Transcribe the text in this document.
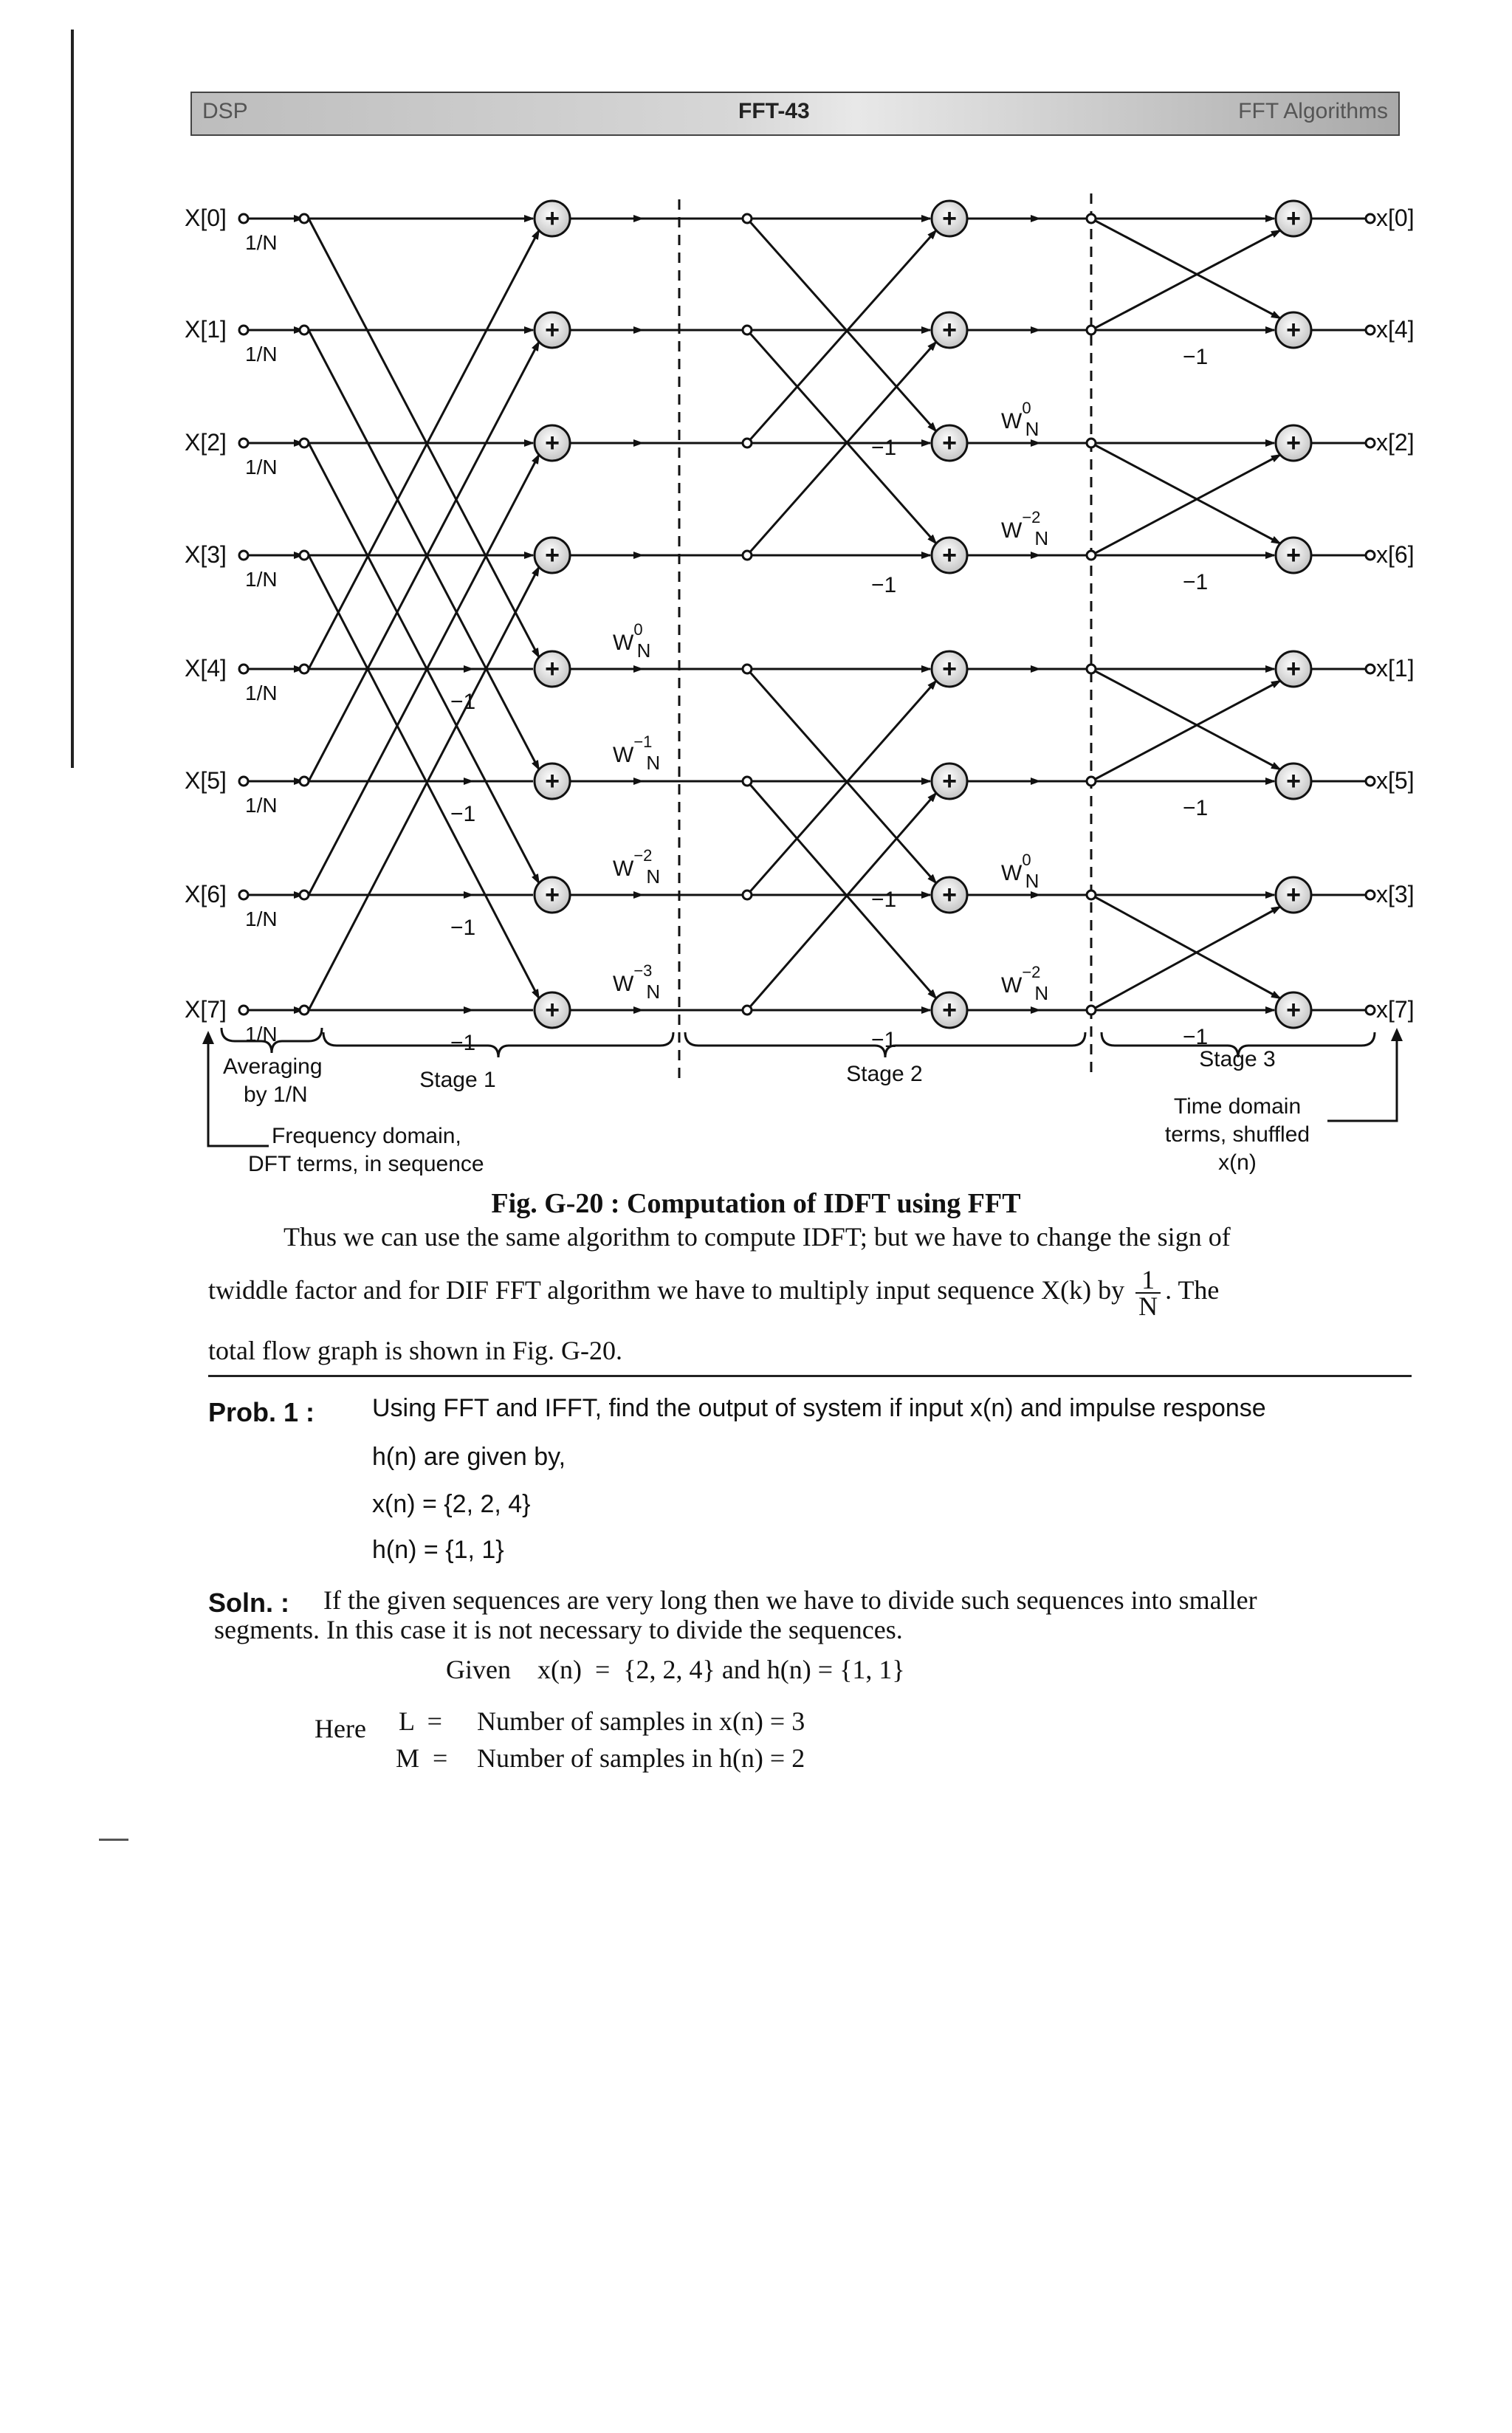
DSP	FFT-43	FFT Algorithms
+
+
+
+
+
+
+
+
+
+
+
+
+
+
+
+
+
+
+
+
+
+
+
+
X[0]
1/N
X[1]
1/N
X[2]
1/N
X[3]
1/N
X[4]
1/N
X[5]
1/N
X[6]
1/N
X[7]
1/N
−1
−1
−1
−1
$W^0$ N
$W^{-1}$ N
$W^{-2}$ N
$W^{-3}$ N
−1
−1
−1
−1
$W^0$ N
$W^{-2}$ N
$W^0$ N
$W^{-2}$ N
−1
−1
−1
−1
x[0]
x[4]
x[2]
x[6]
x[1]
x[5]
x[3]
x[7]
Stage 1	Stage 2
Stage 3
Averaging
by 1/N
Frequency domain,
DFT terms, in sequence
Time domain
terms, shuffled
x(n)
Fig. G-20 : Computation of IDFT using FFT
Thus we can use the same algorithm to compute IDFT; but we have to change the sign of
twiddle factor and for DIF FFT algorithm we have to multiply input sequence X(k) by $\frac{1}{N}$ . The
total flow graph is shown in Fig. G-20.
Prob. 1 : Using FFT and IFFT, find the output of system if input x(n) and impulse response
h(n) are given by,
x(n) = {2, 2, 4}
h(n) = {1, 1}
Soln. : If the given sequences are very long then we have to divide such sequences into smaller
segments. In this case it is not necessary to divide the sequences.
Given    x(n)  =  {2, 2, 4} and h(n) = {1, 1}
Here L  = Number of samples in x(n) = 3
M  = Number of samples in h(n) = 2
